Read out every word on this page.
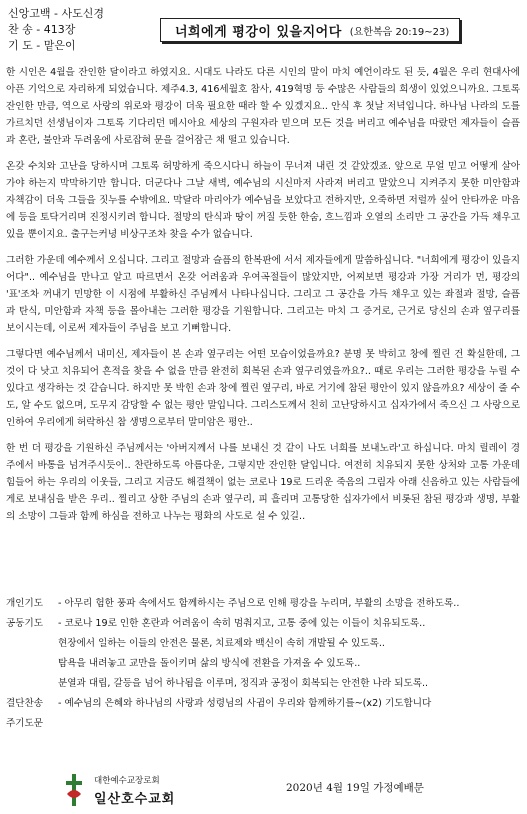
신앙고백 - 사도신경
찬 송 - 413장
기 도 - 맡은이
너희에게 평강이 있을지어다 (요한복음 20:19~23)

한 시인은 4월을 잔인한 달이라고 하였지요. 시대도 나라도 다른 시인의 말이 마치 예언이라도 된 듯, 4월은 우리 현대사에 아픈 기억으로 자리하게 되었습니다. 제주4.3, 416세월호 참사, 419혁명 등 수많은 사람들의 희생이 있었으니까요. 그토록 잔인한 만큼, 역으로 사랑의 위로와 평강이 더욱 필요한 때라 할 수 있겠지요.. 안식 후 첫날 저녁입니다. 하나님 나라의 도를 가르치던 선생님이자 그토록 기다리던 메시아요 세상의 구원자라 믿으며 모든 것을 버리고 예수님을 따랐던 제자들이 슬픔과 혼란, 불안과 두려움에 사로잡혀 문을 걸어잠근 채 떨고 있습니다.

온갖 수치와 고난을 당하시며 그토록 허망하게 죽으시다니 하늘이 무너져 내린 것 같았겠죠. 앞으로 무얼 믿고 어떻게 살아가야 하는지 막막하기만 합니다. 더군다나 그날 새벽, 예수님의 시신마저 사라져 버리고 말았으니 지켜주지 못한 미안함과 자책감이 더욱 그들을 짓누를 수밖에요. 막달라 마리아가 예수님을 보았다고 전하지만, 오죽하면 저럴까 싶어 안타까운 마음에 등을 토닥거리며 진정시키려 합니다. 절망의 탄식과 땅이 꺼질 듯한 한숨, 흐느낌과 오열의 소리만 그 공간을 가득 채우고 있을 뿐이지요. 출구는커녕 비상구조차 찾을 수가 없습니다.

그러한 가운데 예수께서 오십니다. 그리고 절망과 슬픔의 한복판에 서서 제자들에게 말씀하십니다. "너희에게 평강이 있을지어다".. 예수님을 만나고 알고 따르면서 온갖 어려움과 우여곡절들이 많았지만, 어찌보면 평강과 가장 거리가 먼, 평강의 '표'조차 꺼내기 민망한 이 시점에 부활하신 주님께서 나타나십니다. 그리고 그 공간을 가득 채우고 있는 좌절과 절망, 슬픔과 탄식, 미안함과 자책 등을 몰아내는 그러한 평강을 기원합니다. 그리고는 마치 그 증거로, 근거로 당신의 손과 옆구리를 보이시는데, 이로써 제자들이 주님을 보고 기뻐합니다.

그렇다면 예수님께서 내미신, 제자들이 본 손과 옆구리는 어떤 모습이었을까요? 분명 못 박히고 창에 찔린 건 확실한데, 그것이 다 낫고 치유되어 흔적을 찾을 수 없을 만큼 완전히 회복된 손과 옆구리였을까요?.. 때로 우리는 그러한 평강을 누릴 수 있다고 생각하는 것 같습니다. 하지만 못 박힌 손과 창에 찔린 옆구리, 바로 거기에 참된 평안이 있지 않을까요? 세상이 줄 수도, 알 수도 없으며, 도무지 감당할 수 없는 평안 말입니다. 그리스도께서 친히 고난당하시고 십자가에서 죽으신 그 사랑으로 인하여 우리에게 허락하신 참 생명으로부터 말미암은 평안..

한 번 더 평강을 기원하신 주님께서는 '아버지께서 나를 보내신 것 같이 나도 너희를 보내노라'고 하십니다. 마치 릴레이 경주에서 바통을 넘겨주시듯이.. 찬란하도록 아름다운, 그렇지만 잔인한 달입니다. 여전히 치유되지 못한 상처와 고통 가운데 힘들어 하는 우리의 이웃들, 그리고 지금도 해결책이 없는 코로나 19로 드리운 죽음의 그림자 아래 신음하고 있는 사람들에게로 보내심을 받은 우리.. 찔리고 상한 주님의 손과 옆구리, 피 흘리며 고통당한 십자가에서 비롯된 참된 평강과 생명, 부활의 소망이 그들과 함께 하심을 전하고 나누는 평화의 사도로 설 수 있길..

개인기도	- 아무리 험한 풍파 속에서도 함께하시는 주님으로 인해 평강을 누리며, 부활의 소망을 전하도록..
공동기도	- 코로나 19로 인한 혼란과 어려움이 속히 멈춰지고, 고통 중에 있는 이들이 치유되도록..
현장에서 일하는 이들의 안전은 물론, 치료제와 백신이 속히 개발될 수 있도록..
탐욕을 내려놓고 교만을 돌이키며 삶의 방식에 전환을 가져올 수 있도록..
분열과 대립, 갈등을 넘어 하나됨을 이루며, 정직과 공정이 회복되는 안전한 나라 되도록..
결단찬송	- 예수님의 은혜와 하나님의 사랑과 성령님의 사귐이 우리와 함께하기를~(x2) 기도합니다
주기도문
대한예수교장로회
일산호수교회
2020년 4월 19일 가정예배문
